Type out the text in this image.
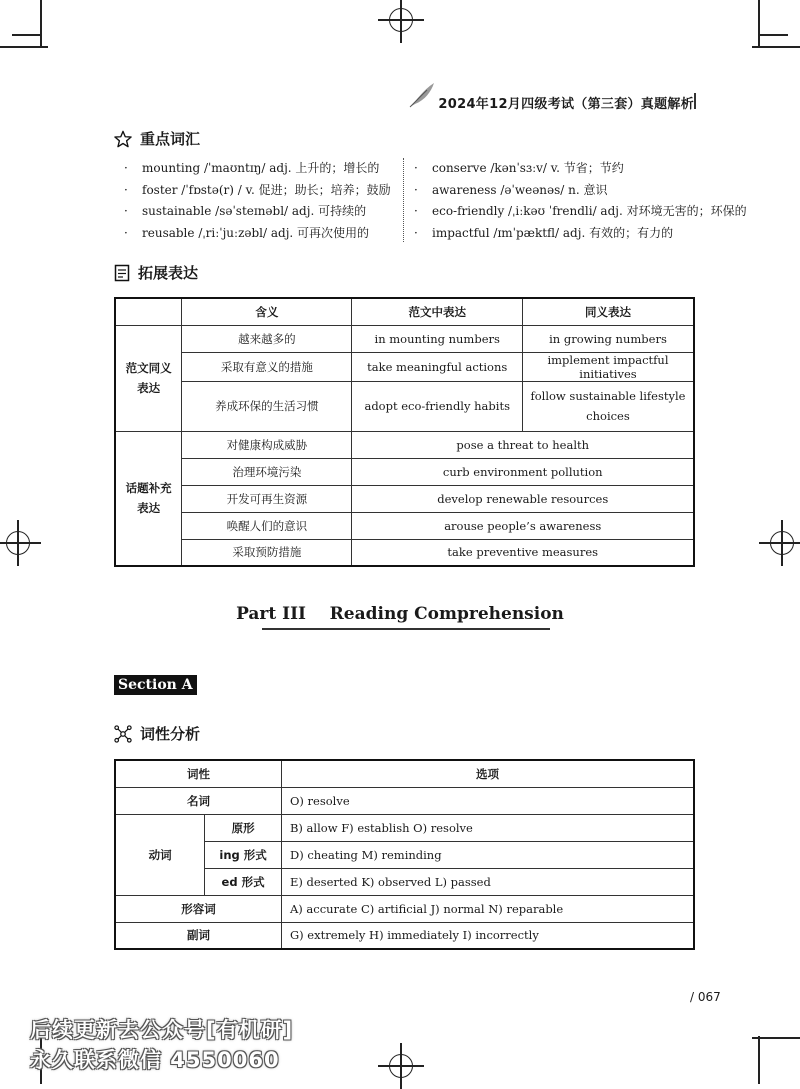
2024年12月四级考试（第三套）真题解析
重点词汇
· mounting /ˈmaʊntɪŋ/ adj. 上升的；增长的
· foster /ˈfɒstə(r) / v. 促进；助长；培养；鼓励
· sustainable /səˈsteɪnəbl/ adj. 可持续的
· reusable /ˌriːˈjuːzəbl/ adj. 可再次使用的
· conserve /kənˈsɜːv/ v. 节省；节约
· awareness /əˈweənəs/ n. 意识
· eco-friendly /ˌiːkəʊ ˈfrendli/ adj. 对环境无害的；环保的
· impactful /ɪmˈpæktfl/ adj. 有效的；有力的
拓展表达
	含义	范文中表达	同义表达

范文同义
表达	越来越多的	in mounting numbers	in growing numbers
	采取有意义的措施	take meaningful actions	implement impactful initiatives
	养成环保的生活习惯	adopt eco-friendly habits	follow sustainable lifestyle
choices

话题补充
表达	对健康构成威胁	pose a threat to health	
	治理环境污染	curb environment pollution	
	开发可再生资源	develop renewable resources	
	唤醒人们的意识	arouse people’s awareness	
	采取预防措施	take preventive measures	
Part III    Reading Comprehension
Section A
词性分析
词性		选项
名词		O) resolve
动词	原形	B) allow F) establish O) resolve
	ing 形式	D) cheating M) reminding
	ed 形式	E) deserted K) observed L) passed
形容词		A) accurate C) artificial J) normal N) reparable
副词		G) extremely H) immediately I) incorrectly
/ 067
后续更新去公众号[有机研]
永久联系微信 4550060
